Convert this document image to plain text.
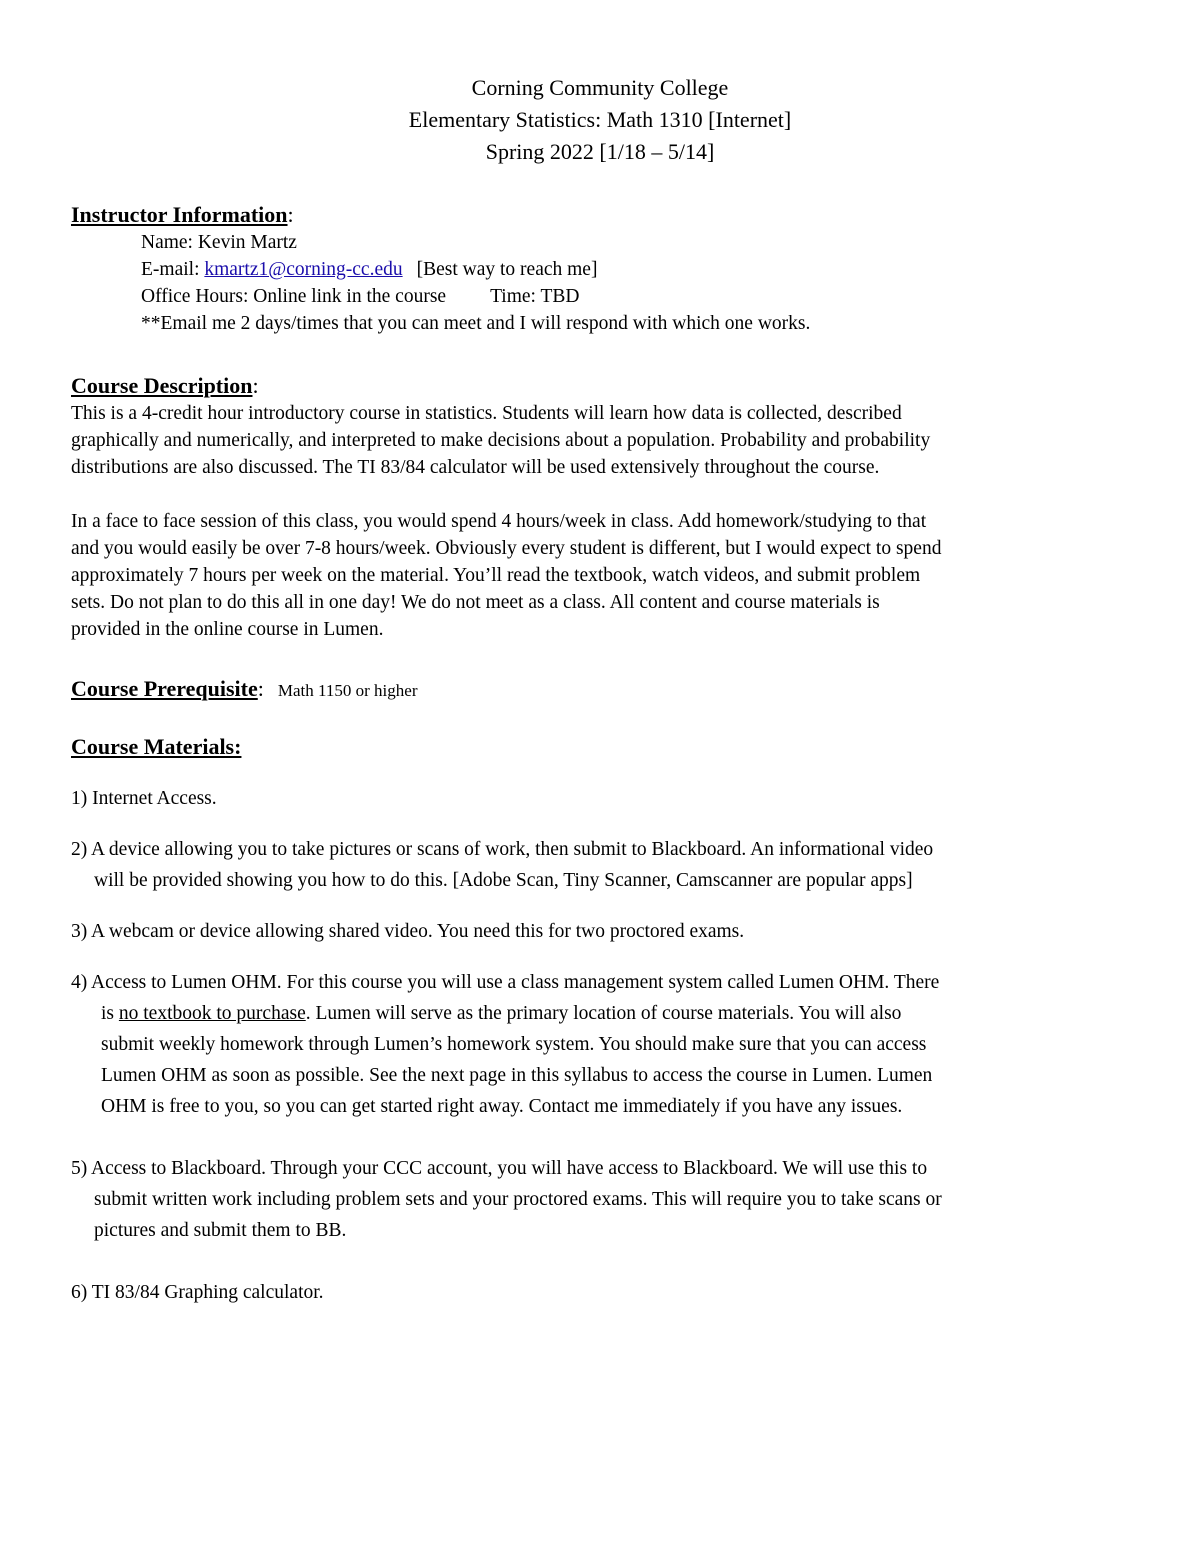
Corning Community College
Elementary Statistics: Math 1310 [Internet]
Spring 2022 [1/18 – 5/14]
Instructor Information:
Name: Kevin Martz
E-mail: kmartz1@corning-cc.edu [Best way to reach me]
Office Hours: Online link in the course Time: TBD
**Email me 2 days/times that you can meet and I will respond with which one works.
Course Description:
This is a 4-credit hour introductory course in statistics. Students will learn how data is collected, described
graphically and numerically, and interpreted to make decisions about a population. Probability and probability
distributions are also discussed. The TI 83/84 calculator will be used extensively throughout the course.
In a face to face session of this class, you would spend 4 hours/week in class. Add homework/studying to that
and you would easily be over 7-8 hours/week. Obviously every student is different, but I would expect to spend
approximately 7 hours per week on the material. You’ll read the textbook, watch videos, and submit problem
sets. Do not plan to do this all in one day! We do not meet as a class. All content and course materials is
provided in the online course in Lumen.
Course Prerequisite: Math 1150 or higher
Course Materials:
1) Internet Access.
2) A device allowing you to take pictures or scans of work, then submit to Blackboard. An informational video
will be provided showing you how to do this. [Adobe Scan, Tiny Scanner, Camscanner are popular apps]
3) A webcam or device allowing shared video. You need this for two proctored exams.
4) Access to Lumen OHM. For this course you will use a class management system called Lumen OHM. There
is no textbook to purchase. Lumen will serve as the primary location of course materials. You will also
submit weekly homework through Lumen’s homework system. You should make sure that you can access
Lumen OHM as soon as possible. See the next page in this syllabus to access the course in Lumen. Lumen
OHM is free to you, so you can get started right away. Contact me immediately if you have any issues.
5) Access to Blackboard. Through your CCC account, you will have access to Blackboard. We will use this to
submit written work including problem sets and your proctored exams. This will require you to take scans or
pictures and submit them to BB.
6) TI 83/84 Graphing calculator.
